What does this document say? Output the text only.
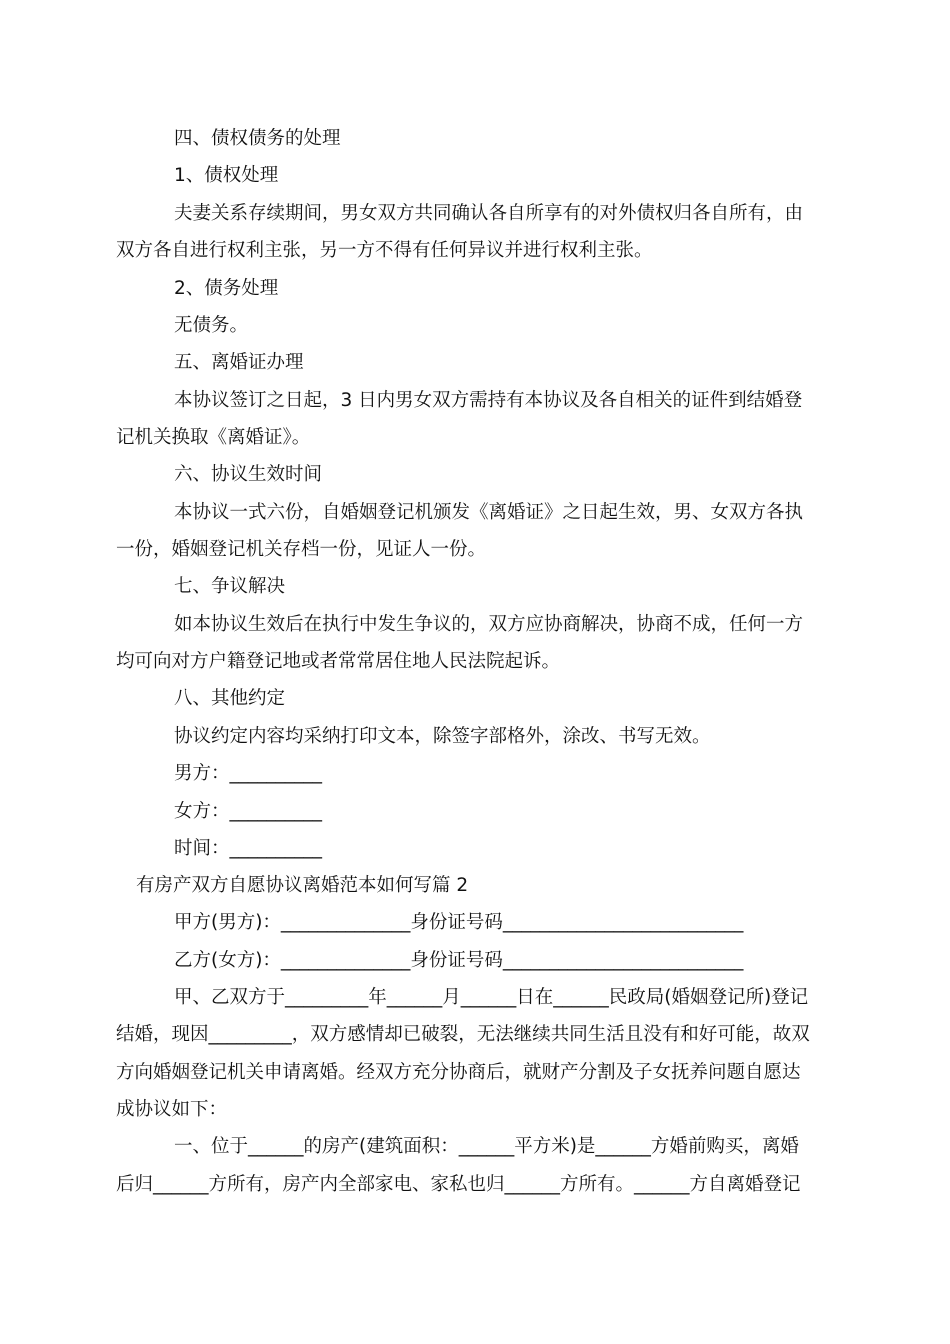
四、债权债务的处理

1、债权处理

夫妻关系存续期间，男女双方共同确认各自所享有的对外债权归各自所有，由

双方各自进行权利主张，另一方不得有任何异议并进行权利主张。

2、债务处理

无债务。

五、离婚证办理

本协议签订之日起，3 日内男女双方需持有本协议及各自相关的证件到结婚登

记机关换取《离婚证》。

六、协议生效时间

本协议一式六份，自婚姻登记机颁发《离婚证》之日起生效，男、女双方各执

一份，婚姻登记机关存档一份，见证人一份。

七、争议解决

如本协议生效后在执行中发生争议的，双方应协商解决，协商不成，任何一方

均可向对方户籍登记地或者常常居住地人民法院起诉。

八、其他约定

协议约定内容均采纳打印文本，除签字部格外，涂改、书写无效。

男方：__________

女方：__________

时间：__________

有房产双方自愿协议离婚范本如何写篇 2

甲方(男方)：______________身份证号码__________________________

乙方(女方)：______________身份证号码__________________________

甲、乙双方于_________年______月______日在______民政局(婚姻登记所)登记

结婚，现因_________，双方感情却已破裂，无法继续共同生活且没有和好可能，故双

方向婚姻登记机关申请离婚。经双方充分协商后，就财产分割及子女抚养问题自愿达

成协议如下：

一、位于______的房产(建筑面积：______平方米)是______方婚前购买，离婚

后归______方所有，房产内全部家电、家私也归______方所有。______方自离婚登记
